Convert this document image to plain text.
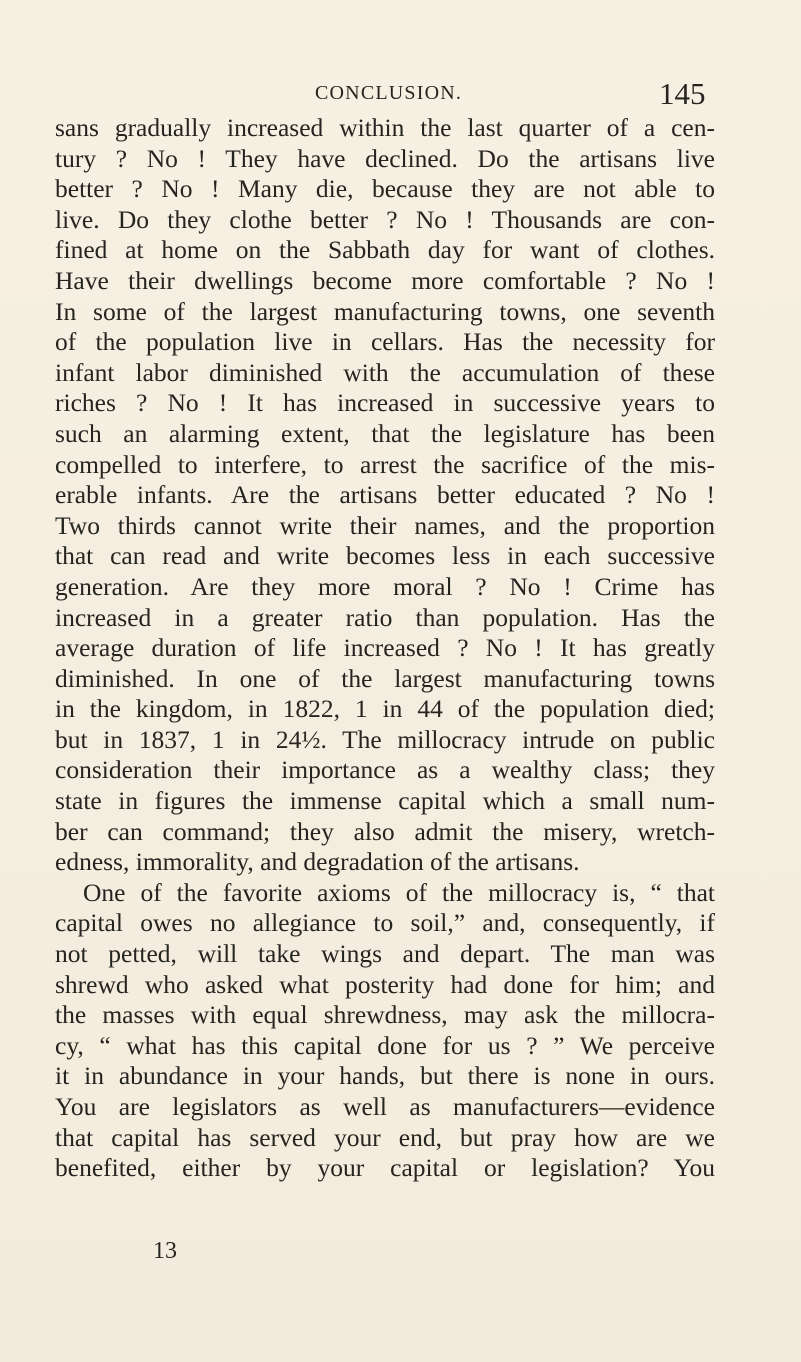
CONCLUSION.	145
sans gradually increased within the last quarter of a cen-
tury ? No ! They have declined. Do the artisans live
better ? No ! Many die, because they are not able to
live. Do they clothe better ? No ! Thousands are con-
fined at home on the Sabbath day for want of clothes.
Have their dwellings become more comfortable ? No !
In some of the largest manufacturing towns, one seventh
of the population live in cellars. Has the necessity for
infant labor diminished with the accumulation of these
riches ? No ! It has increased in successive years to
such an alarming extent, that the legislature has been
compelled to interfere, to arrest the sacrifice of the mis-
erable infants. Are the artisans better educated ? No !
Two thirds cannot write their names, and the proportion
that can read and write becomes less in each successive
generation. Are they more moral ? No ! Crime has
increased in a greater ratio than population. Has the
average duration of life increased ? No ! It has greatly
diminished. In one of the largest manufacturing towns
in the kingdom, in 1822, 1 in 44 of the population died;
but in 1837, 1 in 24½. The millocracy intrude on public
consideration their importance as a wealthy class; they
state in figures the immense capital which a small num-
ber can command; they also admit the misery, wretch-
edness, immorality, and degradation of the artisans.
One of the favorite axioms of the millocracy is, “ that
capital owes no allegiance to soil,” and, consequently, if
not petted, will take wings and depart. The man was
shrewd who asked what posterity had done for him; and
the masses with equal shrewdness, may ask the millocra-
cy, “ what has this capital done for us ? ” We perceive
it in abundance in your hands, but there is none in ours.
You are legislators as well as manufacturers—evidence
that capital has served your end, but pray how are we
benefited, either by your capital or legislation? You
13
